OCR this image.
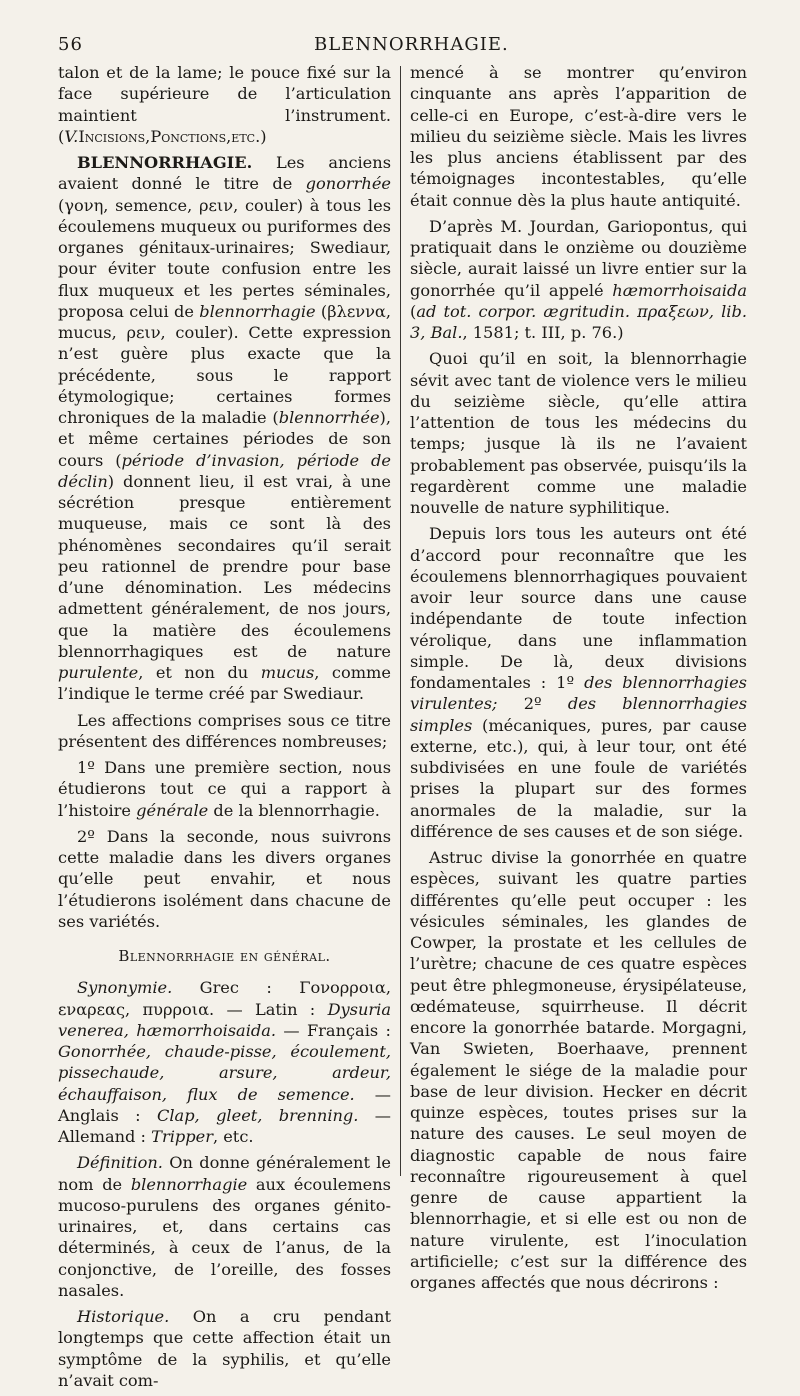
56	BLENNORRHAGIE.

talon et de la lame; le pouce fixé sur la face supérieure de l’articulation maintient l’instrument.(V.Incisions,Ponctions,etc.)

BLENNORRHAGIE. Les anciens avaient donné le titre de gonorrhée (γονη, semence, ρειν, couler) à tous les écoulemens muqueux ou puriformes des organes génitaux-urinaires; Swediaur, pour éviter toute confusion entre les flux muqueux et les pertes séminales, proposa celui de blennorrhagie (βλεννα, mucus, ρειν, couler). Cette expression n’est guère plus exacte que la précédente, sous le rapport étymologique; certaines formes chroniques de la maladie (blennorrhée), et même certaines périodes de son cours (période d’invasion, période de déclin) donnent lieu, il est vrai, à une sécrétion presque entièrement muqueuse, mais ce sont là des phénomènes secondaires qu’il serait peu rationnel de prendre pour base d’une dénomination. Les médecins admettent généralement, de nos jours, que la matière des écoulemens blennorrhagiques est de nature purulente, et non du mucus, comme l’indique le terme créé par Swediaur.

Les affections comprises sous ce titre présentent des différences nombreuses;

1º Dans une première section, nous étudierons tout ce qui a rapport à l’histoire générale de la blennorrhagie.

2º Dans la seconde, nous suivrons cette maladie dans les divers organes qu’elle peut envahir, et nous l’étudierons isolément dans chacune de ses variétés.

Blennorrhagie en général.

Synonymie. Grec : Γονορροια, εναρεας, πυρροια. — Latin : Dysuria venerea, hæmorrhoisaida. — Français : Gonorrhée, chaude-pisse, écoulement, pissechaude, arsure, ardeur, échauffaison, flux de semence. — Anglais : Clap, gleet, brenning. — Allemand : Tripper, etc.

Définition. On donne généralement le nom de blennorrhagie aux écoulemens mucoso-purulens des organes génito-urinaires, et, dans certains cas déterminés, à ceux de l’anus, de la conjonctive, de l’oreille, des fosses nasales.

Historique. On a cru pendant longtemps que cette affection était un symptôme de la syphilis, et qu’elle n’avait com-

mencé à se montrer qu’environ cinquante ans après l’apparition de celle-ci en Europe, c’est-à-dire vers le milieu du seizième siècle. Mais les livres les plus anciens établissent par des témoignages incontestables, qu’elle était connue dès la plus haute antiquité.

D’après M. Jourdan, Gariopontus, qui pratiquait dans le onzième ou douzième siècle, aurait laissé un livre entier sur la gonorrhée qu’il appelé hæmorrhoisaida (ad tot. corpor. ægritudin. πραξεων, lib. 3, Bal., 1581; t. III, p. 76.)

Quoi qu’il en soit, la blennorrhagie sévit avec tant de violence vers le milieu du seizième siècle, qu’elle attira l’attention de tous les médecins du temps; jusque là ils ne l’avaient probablement pas observée, puisqu’ils la regardèrent comme une maladie nouvelle de nature syphilitique.

Depuis lors tous les auteurs ont été d’accord pour reconnaître que les écoulemens blennorrhagiques pouvaient avoir leur source dans une cause indépendante de toute infection vérolique, dans une inflammation simple. De là, deux divisions fondamentales : 1º des blennorrhagies virulentes; 2º des blennorrhagies simples (mécaniques, pures, par cause externe, etc.), qui, à leur tour, ont été subdivisées en une foule de variétés prises la plupart sur des formes anormales de la maladie, sur la différence de ses causes et de son siége.

Astruc divise la gonorrhée en quatre espèces, suivant les quatre parties différentes qu’elle peut occuper : les vésicules séminales, les glandes de Cowper, la prostate et les cellules de l’urètre; chacune de ces quatre espèces peut être phlegmoneuse, érysipélateuse, œdémateuse, squirrheuse. Il décrit encore la gonorrhée batarde. Morgagni, Van Swieten, Boerhaave, prennent également le siége de la maladie pour base de leur division. Hecker en décrit quinze espèces, toutes prises sur la nature des causes. Le seul moyen de diagnostic capable de nous faire reconnaître rigoureusement à quel genre de cause appartient la blennorrhagie, et si elle est ou non de nature virulente, est l’inoculation artificielle; c’est sur la différence des organes affectés que nous décrirons :
